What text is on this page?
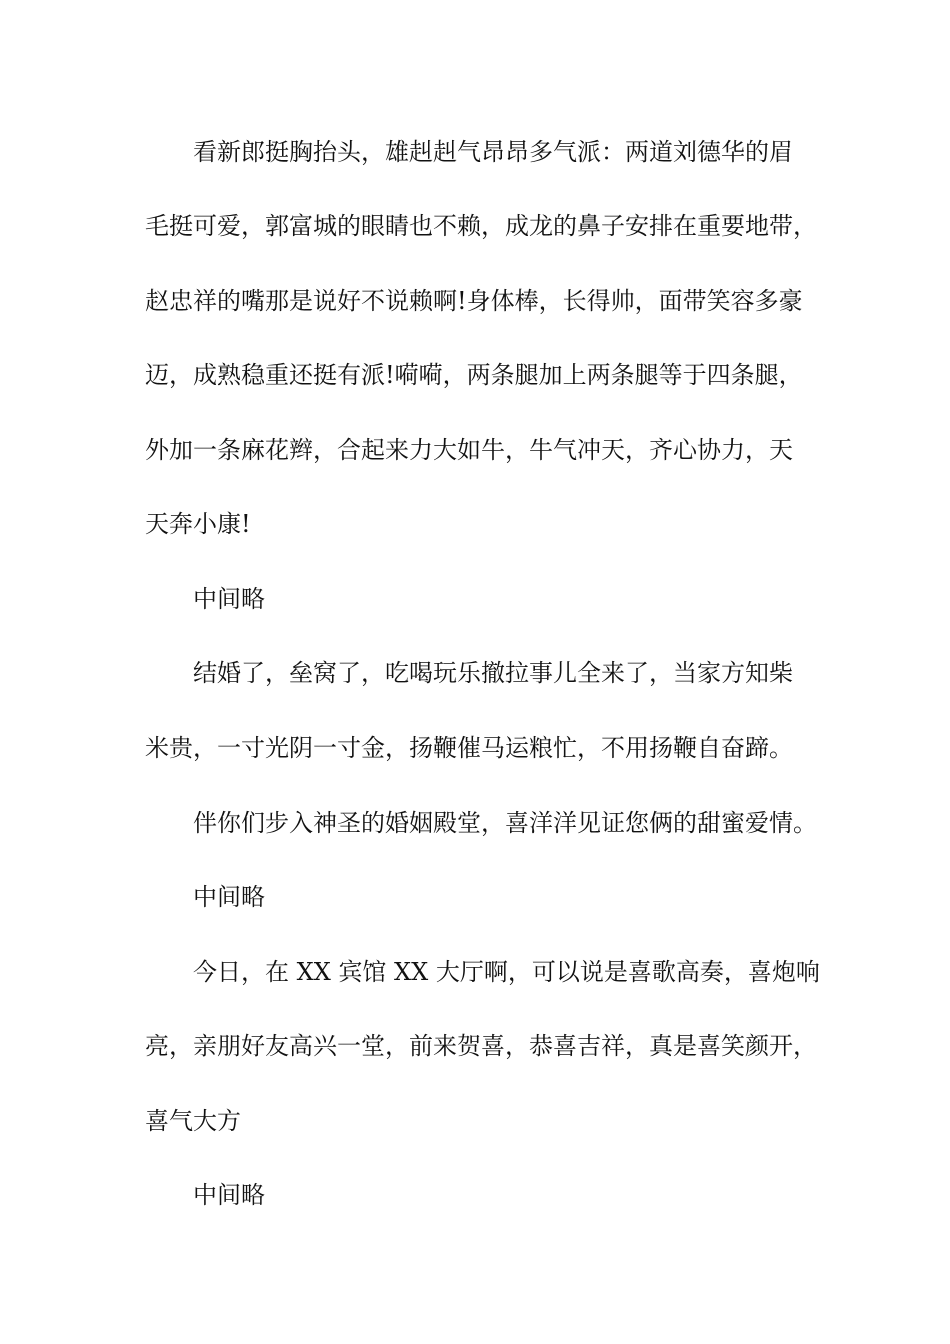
看新郎挺胸抬头，雄赳赳气昂昂多气派：两道刘德华的眉
毛挺可爱，郭富城的眼睛也不赖，成龙的鼻子安排在重要地带，
赵忠祥的嘴那是说好不说赖啊!身体棒，长得帅，面带笑容多豪
迈，成熟稳重还挺有派!嗬嗬，两条腿加上两条腿等于四条腿，
外加一条麻花辫，合起来力大如牛，牛气冲天，齐心协力，天
天奔小康!
中间略
结婚了，垒窝了，吃喝玩乐撤拉事儿全来了，当家方知柴
米贵，一寸光阴一寸金，扬鞭催马运粮忙，不用扬鞭自奋蹄。
伴你们步入神圣的婚姻殿堂，喜洋洋见证您俩的甜蜜爱情。
中间略
今日，在 XX 宾馆 XX 大厅啊，可以说是喜歌高奏，喜炮响
亮，亲朋好友高兴一堂，前来贺喜，恭喜吉祥，真是喜笑颜开，
喜气大方
中间略
